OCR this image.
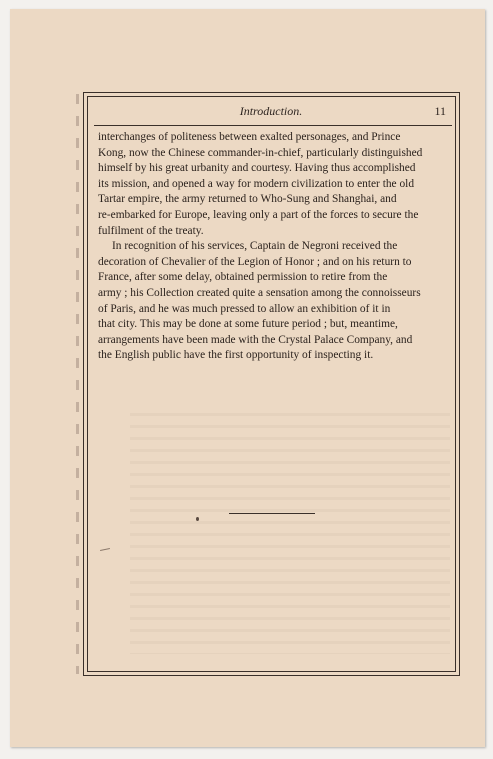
Introduction.	11

interchanges of politeness between exalted personages, and Prince
Kong, now the Chinese commander-in-chief, particularly distinguished
himself by his great urbanity and courtesy. Having thus accomplished
its mission, and opened a way for modern civilization to enter the old
Tartar empire, the army returned to Who-Sung and Shanghai, and
re-embarked for Europe, leaving only a part of the forces to secure the
fulfilment of the treaty.

In recognition of his services, Captain de Negroni received the
decoration of Chevalier of the Legion of Honor ; and on his return to
France, after some delay, obtained permission to retire from the
army ; his Collection created quite a sensation among the connoisseurs
of Paris, and he was much pressed to allow an exhibition of it in
that city. This may be done at some future period ; but, meantime,
arrangements have been made with the Crystal Palace Company, and
the English public have the first opportunity of inspecting it.
